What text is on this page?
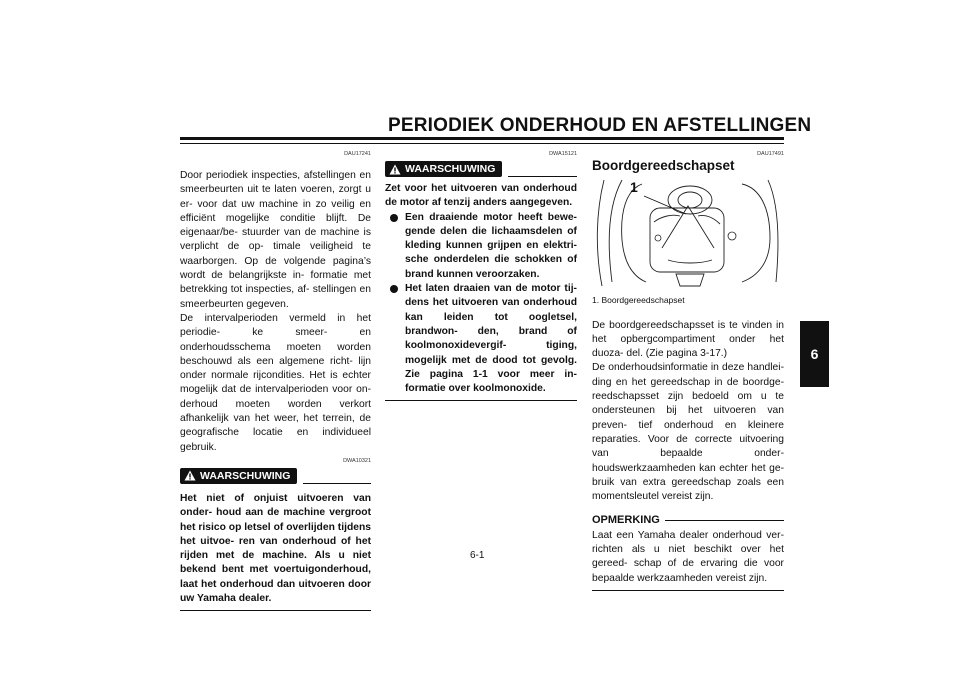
PERIODIEK ONDERHOUD EN AFSTELLINGEN
6
DAU17241

Door periodiek inspecties, afstellingen en smeerbeurten uit te laten voeren, zorgt u er- voor dat uw machine in zo veilig en efficiënt mogelijke conditie blijft. De eigenaar/be- stuurder van de machine is verplicht de op- timale veiligheid te waarborgen. Op de volgende pagina’s wordt de belangrijkste in- formatie met betrekking tot inspecties, af- stellingen en smeerbeurten gegeven.

De intervalperioden vermeld in het periodie- ke smeer- en onderhoudsschema moeten worden beschouwd als een algemene richt- lijn onder normale rijcondities. Het is echter mogelijk dat de intervalperioden voor on- derhoud moeten worden verkort afhankelijk van het weer, het terrein, de geografische locatie en individueel gebruik.

DWA10321
WAARSCHUWING

Het niet of onjuist uitvoeren van onder- houd aan de machine vergroot het risico op letsel of overlijden tijdens het uitvoe- ren van onderhoud of het rijden met de machine. Als u niet bekend bent met voertuigonderhoud, laat het onderhoud dan uitvoeren door uw Yamaha dealer.

DWA15121
WAARSCHUWING

Zet voor het uitvoeren van onderhoud de motor af tenzij anders aangegeven.

Een draaiende motor heeft bewe- gende delen die lichaamsdelen of kleding kunnen grijpen en elektri- sche onderdelen die schokken of brand kunnen veroorzaken.
Het laten draaien van de motor tij- dens het uitvoeren van onderhoud kan leiden tot oogletsel, brandwon- den, brand of koolmonoxidevergif- tiging, mogelijk met de dood tot gevolg. Zie pagina 1-1 voor meer in- formatie over koolmonoxide.
DAU17491
Boordgereedschapset
1
1. Boordgereedschapset

De boordgereedschapsset is te vinden in het opbergcompartiment onder het duoza- del. (Zie pagina 3-17.)

De onderhoudsinformatie in deze handlei- ding en het gereedschap in de boordge- reedschapsset zijn bedoeld om u te ondersteunen bij het uitvoeren van preven- tief onderhoud en kleinere reparaties. Voor de correcte uitvoering van bepaalde onder- houdswerkzaamheden kan echter het ge- bruik van extra gereedschap zoals een momentsleutel vereist zijn.

OPMERKING

Laat een Yamaha dealer onderhoud ver- richten als u niet beschikt over het gereed- schap of de ervaring die voor bepaalde werkzaamheden vereist zijn.

6-1
